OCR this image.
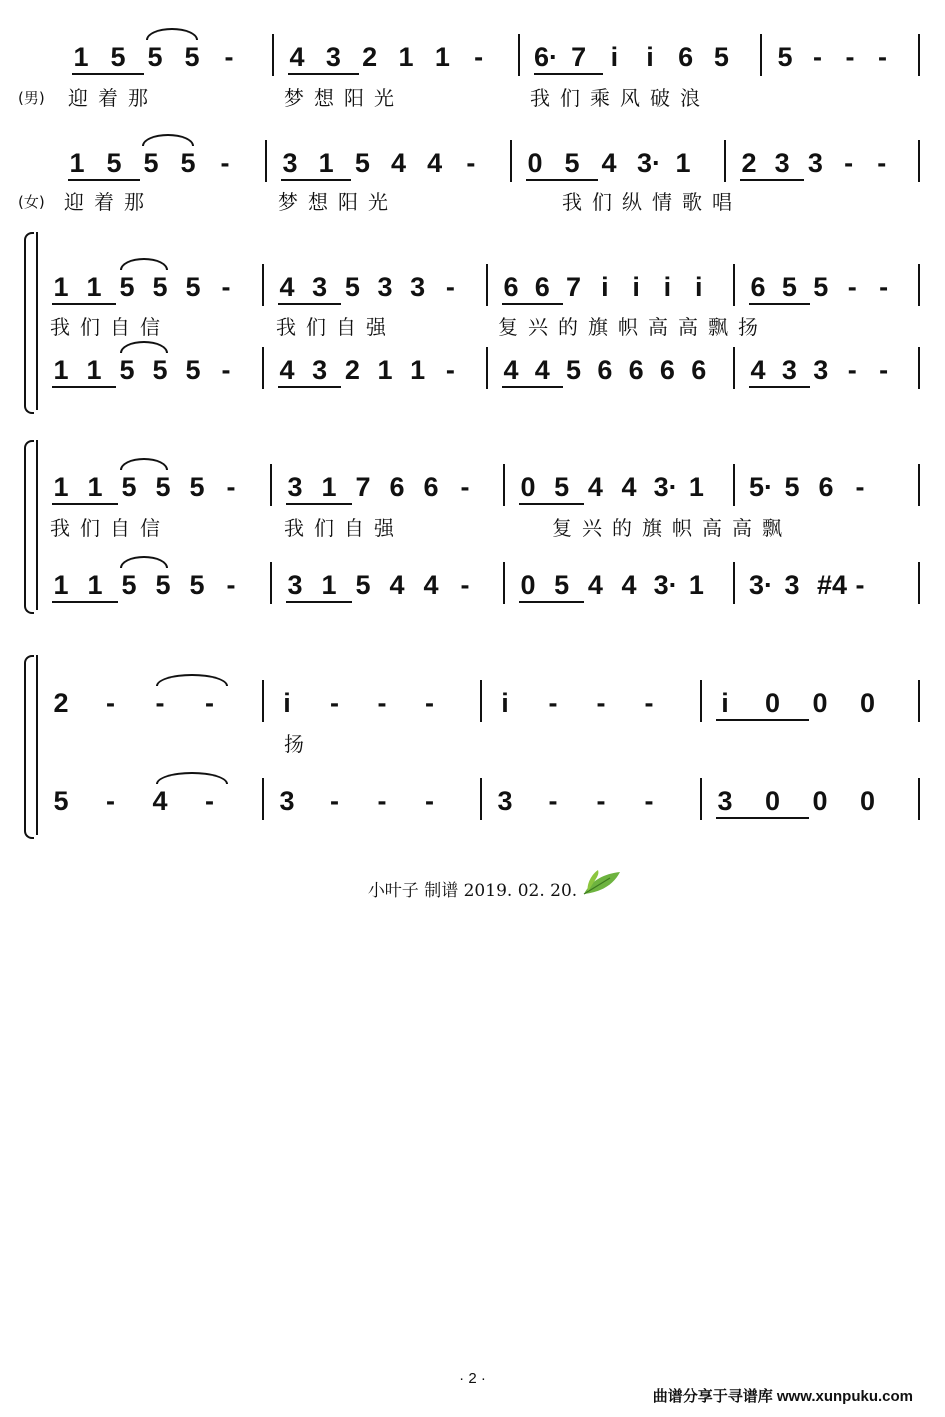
1 5 5 5 - 4 3 2 1 1 - 6· 7 i i 6 5 5 - - -
(男) 迎着那	梦想阳光	我们乘风破浪
1 5 5 5 - 3 1 5 4 4 - 0 5 4 3· 1 2 3 3 - -
(女) 迎着那	梦想阳光	我们纵情歌唱
1 1 5 5 5 - 4 3 5 3 3 - 6 6 7 i i i i 6 5 5 - -
我们自信	我们自强	复兴的旗帜高高飘扬
1 1 5 5 5 - 4 3 2 1 1 - 4 4 5 6 6 6 6 4 3 3 - -
1 1 5 5 5 - 3 1 7 6 6 - 0 5 4 4 3· 1 5· 5 6 -
我们自信	我们自强	复兴的旗帜高高飘
1 1 5 5 5 - 3 1 5 4 4 - 0 5 4 4 3· 1 3· 3 #4 -
2 - - -	i - - - i - - -	i 0 0 0
扬
5 - 4 - 3 - - - 3 - - - 3 0 0 0
小叶子 制谱 2019. 02. 20.
· 2 ·
曲谱分享于寻谱库 www.xunpuku.com
